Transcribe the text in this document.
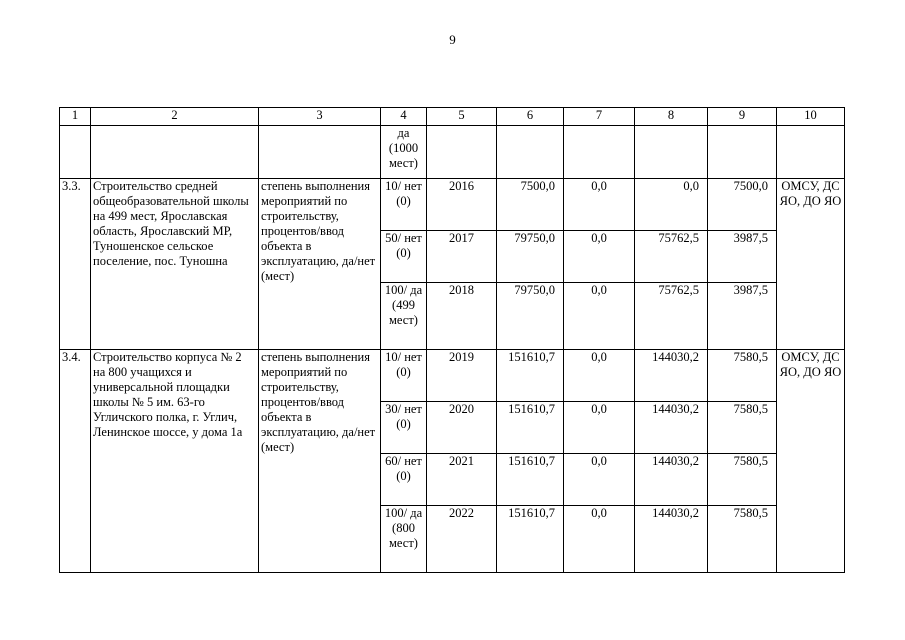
9
1	2	3	4	5	6	7	8	9	10
			да (1000 мест)						
3.3.	Строительство средней общеобразовательной школы на 499 мест, Ярославская область, Ярославский МР, Туношенское сельское поселение, пос. Туношна	степень выполнения мероприятий по строительству, процентов/ввод объекта в эксплуатацию, да/нет (мест)	10/ нет (0)	2016	7500,0	0,0	0,0	7500,0	ОМСУ, ДС ЯО, ДО ЯО
			50/ нет (0)	2017	79750,0	0,0	75762,5	3987,5	
			100/ да (499 мест)	2018	79750,0	0,0	75762,5	3987,5	
3.4.	Строительство корпуса № 2 на 800 учащихся и универсальной площадки школы № 5 им. 63-го Угличского полка, г. Углич, Ленинское шоссе, у дома 1а	степень выполнения мероприятий по строительству, процентов/ввод объекта в эксплуатацию, да/нет (мест)	10/ нет (0)	2019	151610,7	0,0	144030,2	7580,5	ОМСУ, ДС ЯО, ДО ЯО
			30/ нет (0)	2020	151610,7	0,0	144030,2	7580,5	
			60/ нет (0)	2021	151610,7	0,0	144030,2	7580,5	
			100/ да (800 мест)	2022	151610,7	0,0	144030,2	7580,5	
